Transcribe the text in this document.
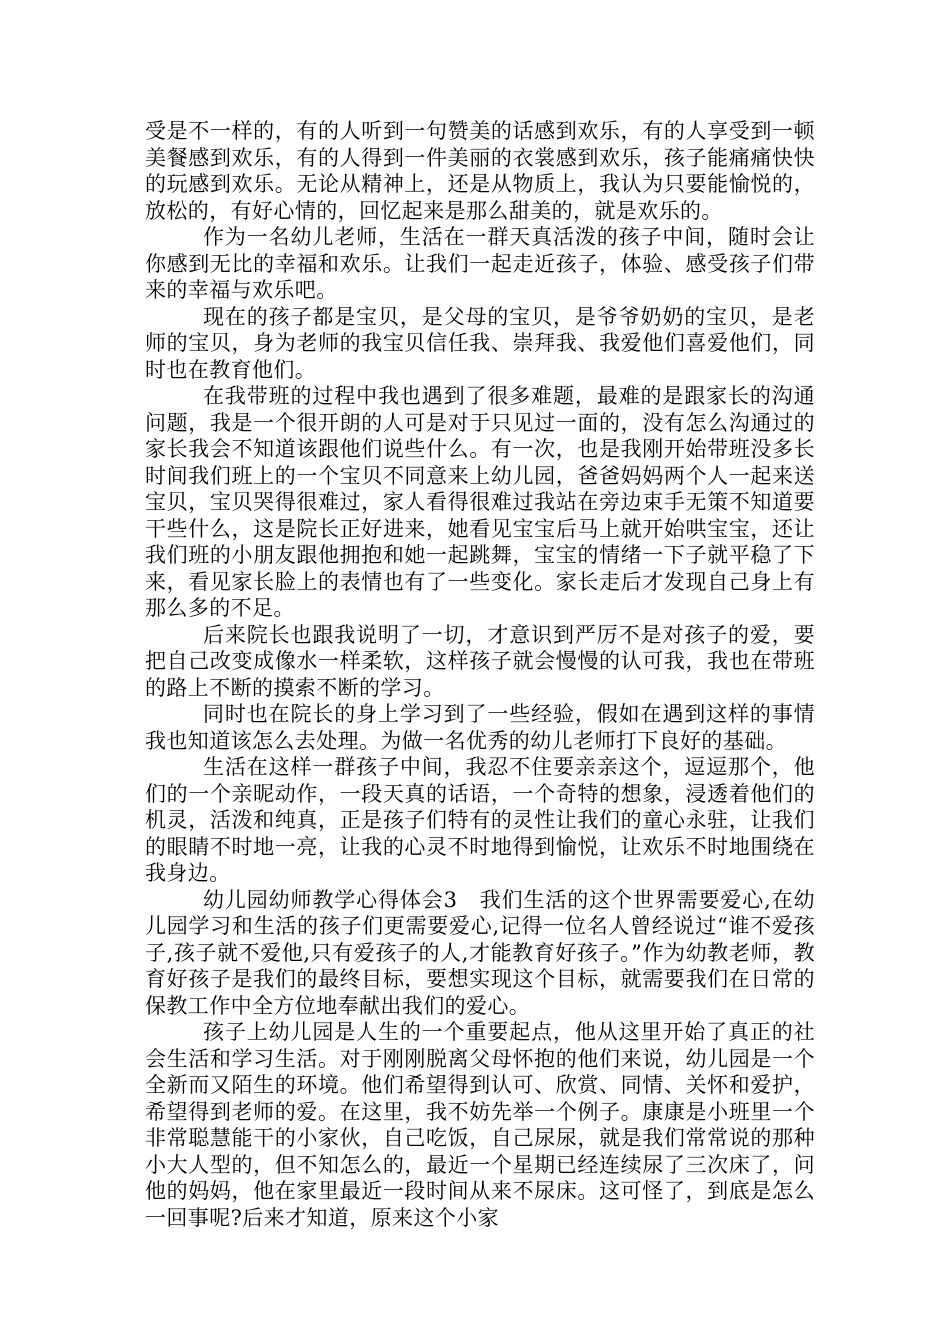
受是不一样的，有的人听到一句赞美的话感到欢乐，有的人享受到一顿美餐感到欢乐，有的人得到一件美丽的衣裳感到欢乐，孩子能痛痛快快的玩感到欢乐。无论从精神上，还是从物质上，我认为只要能愉悦的，放松的，有好心情的，回忆起来是那么甜美的，就是欢乐的。

作为一名幼儿老师，生活在一群天真活泼的孩子中间，随时会让你感到无比的幸福和欢乐。让我们一起走近孩子，体验、感受孩子们带来的幸福与欢乐吧。

现在的孩子都是宝贝，是父母的宝贝，是爷爷奶奶的宝贝，是老师的宝贝，身为老师的我宝贝信任我、崇拜我、我爱他们喜爱他们，同时也在教育他们。

在我带班的过程中我也遇到了很多难题，最难的是跟家长的沟通问题，我是一个很开朗的人可是对于只见过一面的，没有怎么沟通过的家长我会不知道该跟他们说些什么。有一次，也是我刚开始带班没多长时间我们班上的一个宝贝不同意来上幼儿园，爸爸妈妈两个人一起来送宝贝，宝贝哭得很难过，家人看得很难过我站在旁边束手无策不知道要干些什么，这是院长正好进来，她看见宝宝后马上就开始哄宝宝，还让我们班的小朋友跟他拥抱和她一起跳舞，宝宝的情绪一下子就平稳了下来，看见家长脸上的表情也有了一些变化。家长走后才发现自己身上有那么多的不足。

后来院长也跟我说明了一切，才意识到严厉不是对孩子的爱，要把自己改变成像水一样柔软，这样孩子就会慢慢的认可我，我也在带班的路上不断的摸索不断的学习。

同时也在院长的身上学习到了一些经验，假如在遇到这样的事情我也知道该怎么去处理。为做一名优秀的幼儿老师打下良好的基础。

生活在这样一群孩子中间，我忍不住要亲亲这个，逗逗那个，他们的一个亲昵动作，一段天真的话语，一个奇特的想象，浸透着他们的机灵，活泼和纯真，正是孩子们特有的灵性让我们的童心永驻，让我们的眼睛不时地一亮，让我的心灵不时地得到愉悦，让欢乐不时地围绕在我身边。

幼儿园幼师教学心得体会3　我们生活的这个世界需要爱心,在幼儿园学习和生活的孩子们更需要爱心,记得一位名人曾经说过“谁不爱孩子,孩子就不爱他,只有爱孩子的人,才能教育好孩子。”作为幼教老师，教育好孩子是我们的最终目标，要想实现这个目标，就需要我们在日常的保教工作中全方位地奉献出我们的爱心。

孩子上幼儿园是人生的一个重要起点，他从这里开始了真正的社会生活和学习生活。对于刚刚脱离父母怀抱的他们来说，幼儿园是一个全新而又陌生的环境。他们希望得到认可、欣赏、同情、关怀和爱护，希望得到老师的爱。在这里，我不妨先举一个例子。康康是小班里一个非常聪慧能干的小家伙，自己吃饭，自己尿尿，就是我们常常说的那种小大人型的，但不知怎么的，最近一个星期已经连续尿了三次床了，问他的妈妈，他在家里最近一段时间从来不尿床。这可怪了，到底是怎么一回事呢?后来才知道，原来这个小家
